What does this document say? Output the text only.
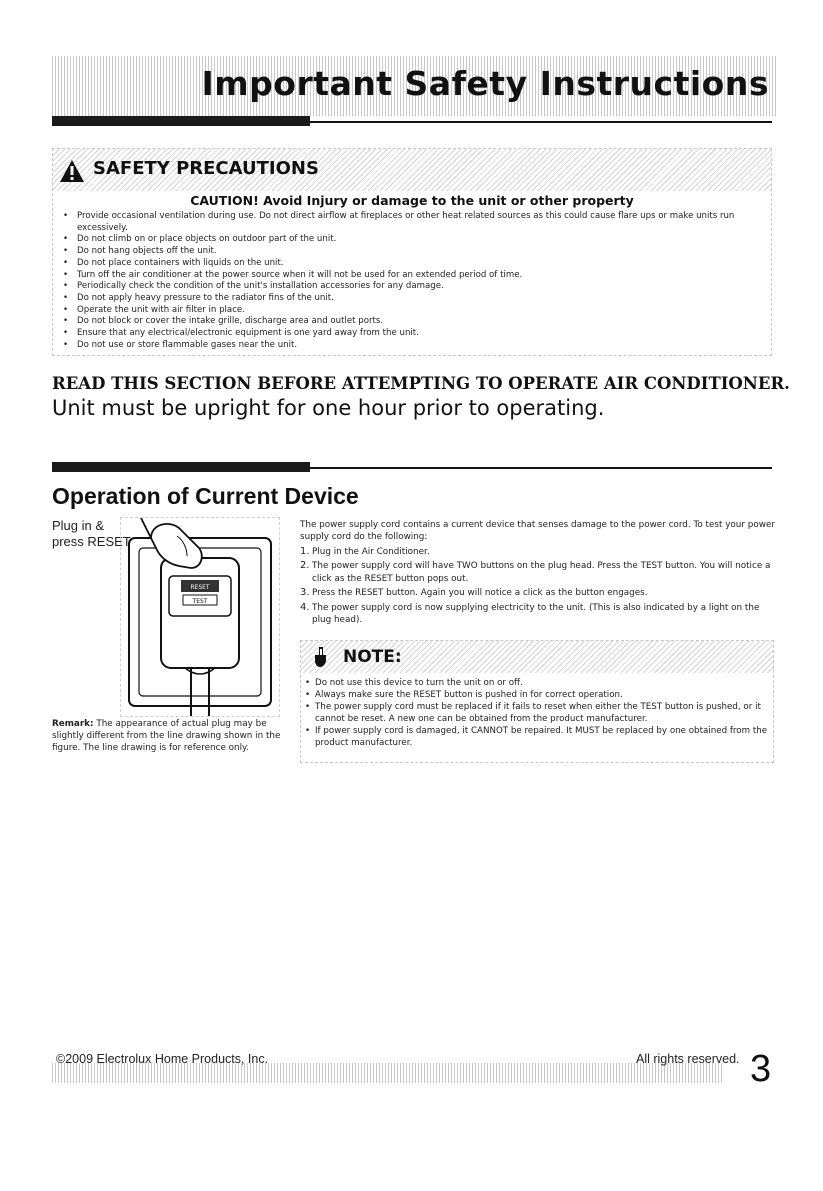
Important Safety Instructions
SAFETY PRECAUTIONS
CAUTION! Avoid Injury or damage to the unit or other property
• Provide occasional ventilation during use. Do not direct airflow at fireplaces or other heat related sources as this could cause flare ups or make units run excessively.
• Do not climb on or place objects on outdoor part of the unit.
• Do not hang objects off the unit.
• Do not place containers with liquids on the unit.
• Turn off the air conditioner at the power source when it will not be used for an extended period of time.
• Periodically check the condition of the unit's installation accessories for any damage.
• Do not apply heavy pressure to the radiator fins of the unit.
• Operate the unit with air filter in place.
• Do not block or cover the intake grille, discharge area and outlet ports.
• Ensure that any electrical/electronic equipment is one yard away from the unit.
• Do not use or store flammable gases near the unit.
READ THIS SECTION BEFORE ATTEMPTING TO OPERATE AIR CONDITIONER.
Unit must be upright for one hour prior to operating.
Operation of Current Device
Plug in &
press RESET
RESET
TEST
Remark: The appearance of actual plug may be slightly different from the line drawing shown in the figure. The line drawing is for reference only.
The power supply cord contains a current device that senses damage to the power cord. To test your power supply cord do the following:
1. Plug in the Air Conditioner.
2. The power supply cord will have TWO buttons on the plug head. Press the TEST button. You will notice a click as the RESET button pops out.
3. Press the RESET button. Again you will notice a click as the button engages.
4. The power supply cord is now supplying electricity to the unit. (This is also indicated by a light on the plug head).
NOTE:
• Do not use this device to turn the unit on or off.
• Always make sure the RESET button is pushed in for correct operation.
• The power supply cord must be replaced if it fails to reset when either the TEST button is pushed, or it cannot be reset. A new one can be obtained from the product manufacturer.
• If power supply cord is damaged, it CANNOT be repaired. It MUST be replaced by one obtained from the product manufacturer.
©2009 Electrolux Home Products, Inc.	All rights reserved. 3
